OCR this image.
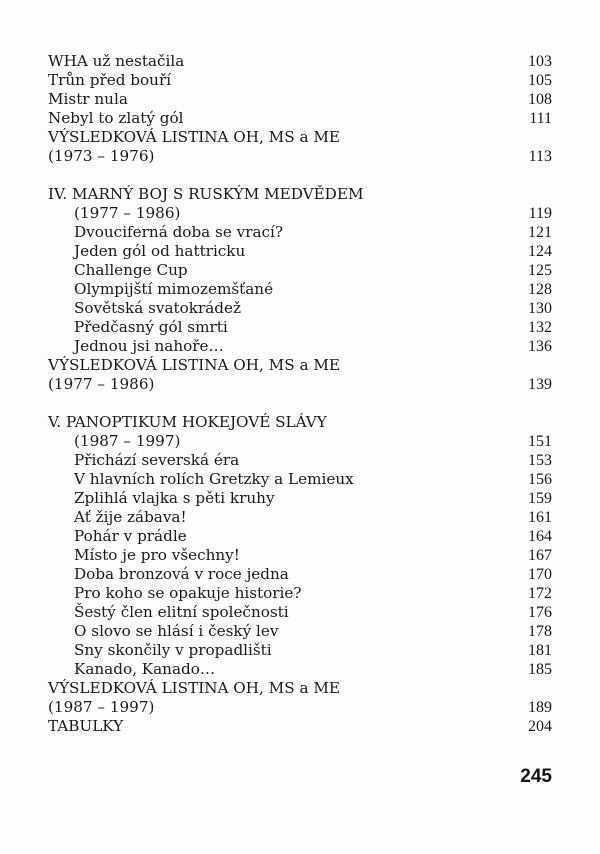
WHA už nestačila	103
Trůn před bouří	105
Mistr nula	108
Nebyl to zlatý gól	111
VÝSLEDKOVÁ LISTINA OH, MS a ME
(1973 – 1976)	113
IV. MARNÝ BOJ S RUSKÝM MEDVĚDEM
(1977 – 1986)	119
Dvouciferná doba se vrací?	121
Jeden gól od hattricku	124
Challenge Cup	125
Olympijští mimozemšťané	128
Sovětská svatokrádež	130
Předčasný gól smrti	132
Jednou jsi nahoře…	136
VÝSLEDKOVÁ LISTINA OH, MS a ME
(1977 – 1986)	139
V. PANOPTIKUM HOKEJOVÉ SLÁVY
(1987 – 1997)	151
Přichází severská éra	153
V hlavních rolích Gretzky a Lemieux	156
Zplihlá vlajka s pěti kruhy	159
Ať žije zábava!	161
Pohár v prádle	164
Místo je pro všechny!	167
Doba bronzová v roce jedna	170
Pro koho se opakuje historie?	172
Šestý člen elitní společnosti	176
O slovo se hlásí i český lev	178
Sny skončily v propadlišti	181
Kanado, Kanado…	185
VÝSLEDKOVÁ LISTINA OH, MS a ME
(1987 – 1997)	189
TABULKY	204
245
